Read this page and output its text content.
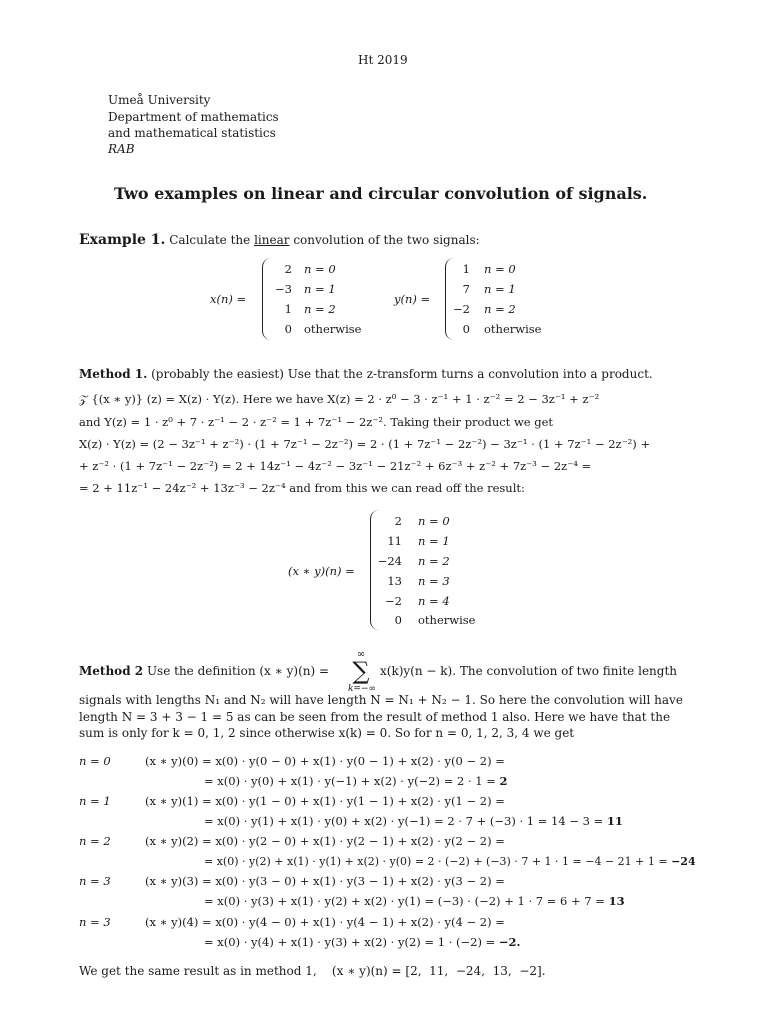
Ht 2019
Umeå University
Department of mathematics
and mathematical statistics
RAB
Two examples on linear and circular convolution of signals.
Example 1. Calculate the linear convolution of the two signals:
x(n) =
2 n = 0
−3 n = 1
1 n = 2
0 otherwise
y(n) =
1 n = 0
7 n = 1
−2 n = 2
0 otherwise
Method 1. (probably the easiest) Use that the z-transform turns a convolution into a product.
𝒵 {(x ∗ y)} (z) = X(z) · Y(z). Here we have X(z) = 2 · z⁰ − 3 · z⁻¹ + 1 · z⁻² = 2 − 3z⁻¹ + z⁻²
and Y(z) = 1 · z⁰ + 7 · z⁻¹ − 2 · z⁻² = 1 + 7z⁻¹ − 2z⁻². Taking their product we get
X(z) · Y(z) = (2 − 3z⁻¹ + z⁻²) · (1 + 7z⁻¹ − 2z⁻²) = 2 · (1 + 7z⁻¹ − 2z⁻²) − 3z⁻¹ · (1 + 7z⁻¹ − 2z⁻²) +
+ z⁻² · (1 + 7z⁻¹ − 2z⁻²) = 2 + 14z⁻¹ − 4z⁻² − 3z⁻¹ − 21z⁻² + 6z⁻³ + z⁻² + 7z⁻³ − 2z⁻⁴ =
= 2 + 11z⁻¹ − 24z⁻² + 13z⁻³ − 2z⁻⁴ and from this we can read off the result:
(x ∗ y)(n) =
2 n = 0
11 n = 1
−24 n = 2
13 n = 3
−2 n = 4
0 otherwise
Method 2 Use the definition (x ∗ y)(n) =
∞
∑
k=−∞
x(k)y(n − k). The convolution of two finite length
signals with lengths N₁ and N₂ will have length N = N₁ + N₂ − 1. So here the convolution will have
length N = 3 + 3 − 1 = 5 as can be seen from the result of method 1 also. Here we have that the
sum is only for k = 0, 1, 2 since otherwise x(k) = 0. So for n = 0, 1, 2, 3, 4 we get
n = 0	(x ∗ y)(0) = x(0) · y(0 − 0) + x(1) · y(0 − 1) + x(2) · y(0 − 2) =
= x(0) · y(0) + x(1) · y(−1) + x(2) · y(−2) = 2 · 1 = 2
n = 1	(x ∗ y)(1) = x(0) · y(1 − 0) + x(1) · y(1 − 1) + x(2) · y(1 − 2) =
= x(0) · y(1) + x(1) · y(0) + x(2) · y(−1) = 2 · 7 + (−3) · 1 = 14 − 3 = 11
n = 2	(x ∗ y)(2) = x(0) · y(2 − 0) + x(1) · y(2 − 1) + x(2) · y(2 − 2) =
= x(0) · y(2) + x(1) · y(1) + x(2) · y(0) = 2 · (−2) + (−3) · 7 + 1 · 1 = −4 − 21 + 1 = −24
n = 3	(x ∗ y)(3) = x(0) · y(3 − 0) + x(1) · y(3 − 1) + x(2) · y(3 − 2) =
= x(0) · y(3) + x(1) · y(2) + x(2) · y(1) = (−3) · (−2) + 1 · 7 = 6 + 7 = 13
n = 3	(x ∗ y)(4) = x(0) · y(4 − 0) + x(1) · y(4 − 1) + x(2) · y(4 − 2) =
= x(0) · y(4) + x(1) · y(3) + x(2) · y(2) = 1 · (−2) = −2.
We get the same result as in method 1,    (x ∗ y)(n) = [2,  11,  −24,  13,  −2].
